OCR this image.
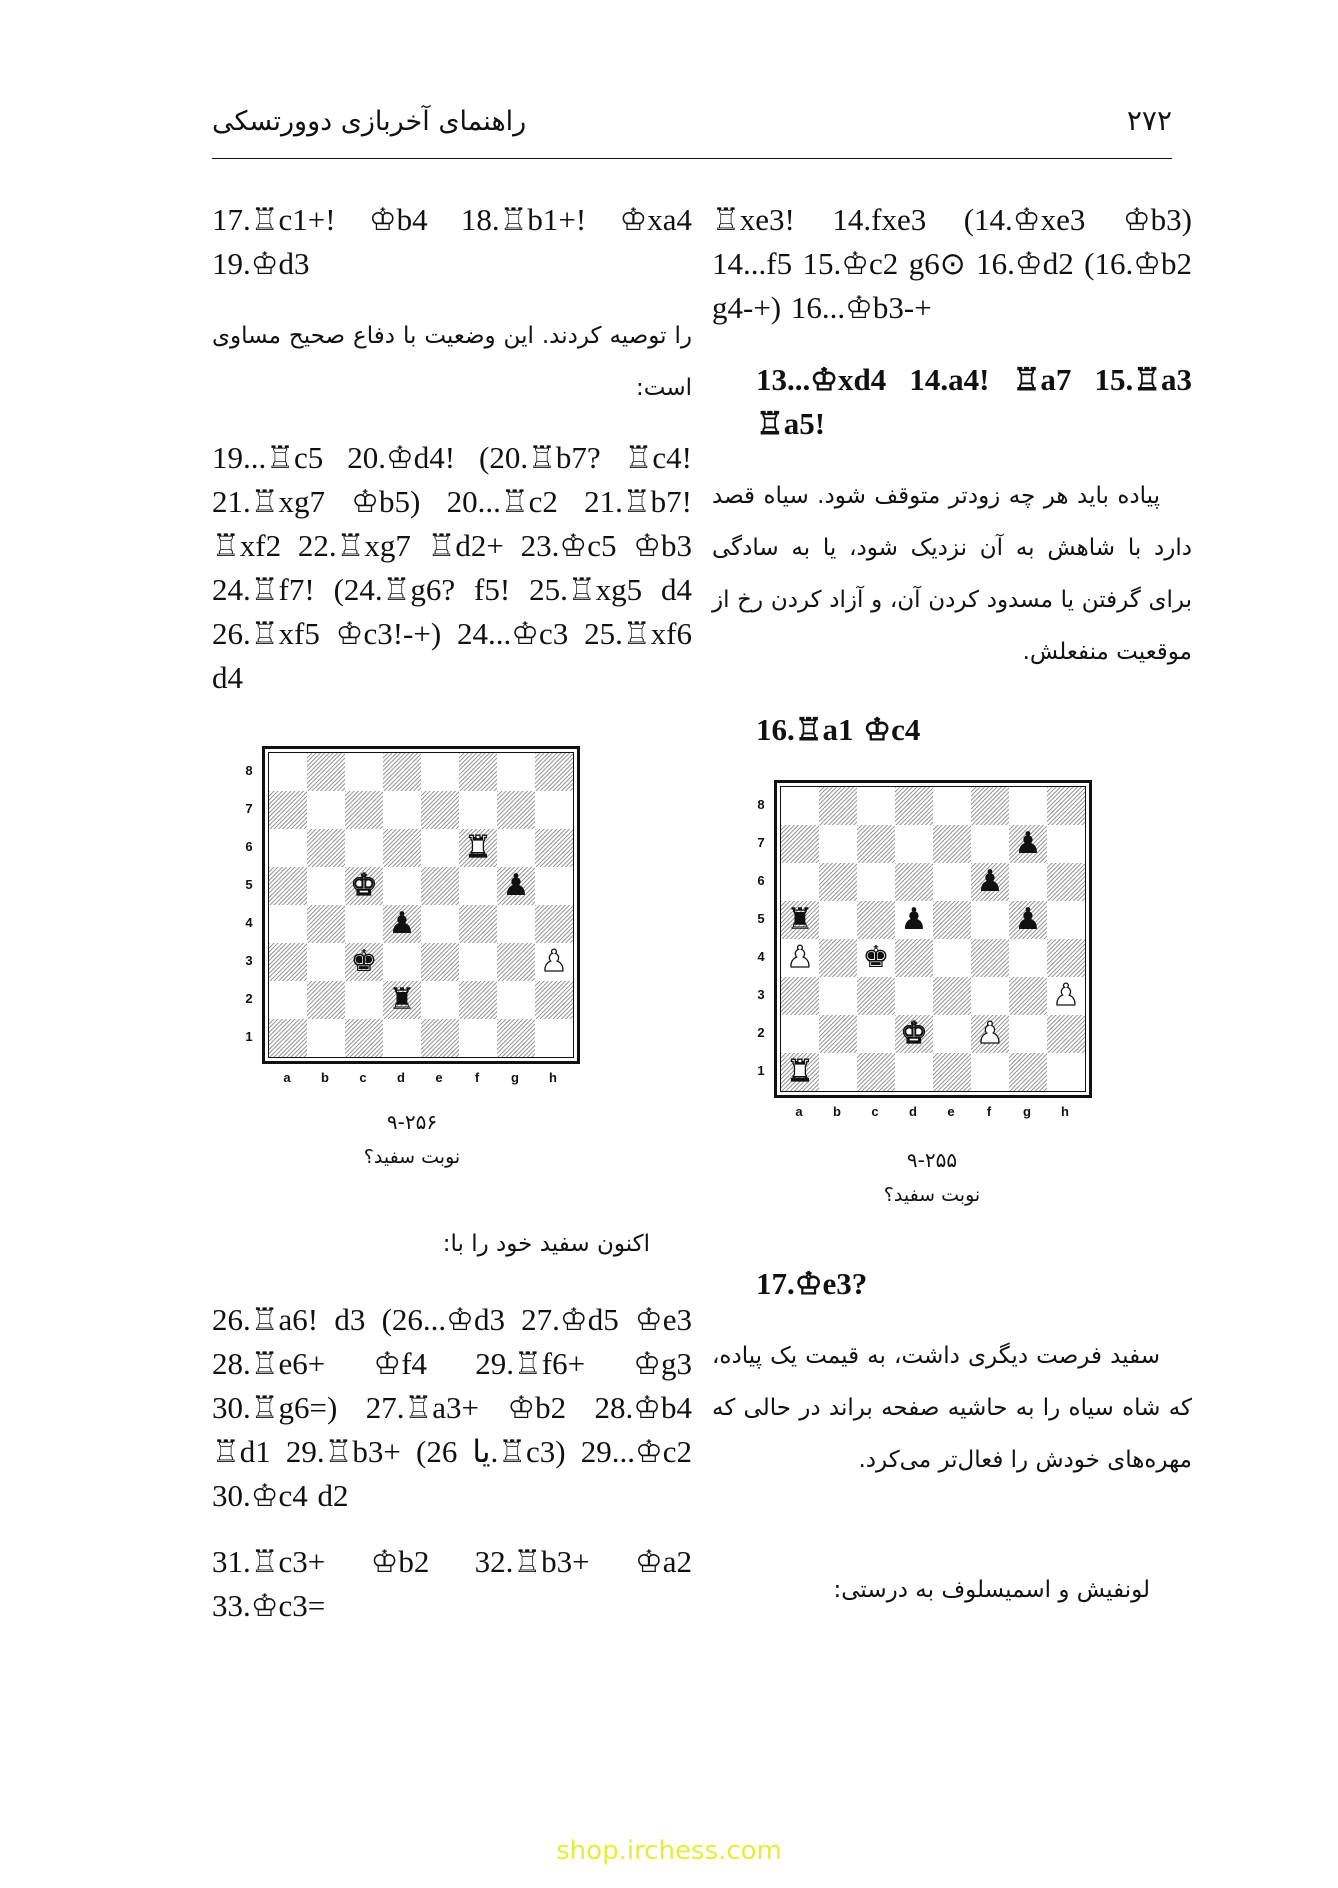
راهنمای آخربازی دوورتسکی	۲۷۲
♖xe3! 14.fxe3 (14.♔xe3 ♔b3) 14...f5 15.♔c2 g6⊙ 16.♔d2 (16.♔b2 g4-+) 16...♔b3-+
13...♔xd4 14.a4! ♖a7 15.♖a3 ♖a5!
پیاده باید هر چه زودتر متوقف شود. سیاه قصد دارد با شاهش به آن نزدیک شود، یا به سادگی برای گرفتن یا مسدود کردن آن، و آزاد کردن رخ از موقعیت منفعلش.
16.♖a1 ♔c4
♟
♟
♜	♟	♟
♟ ♚
♟
♚ ♟
♜
8
7
6
5
4
3
2
1
a	b	c	d	e	f	g	h
۹-۲۵۵
نوبت سفید؟
17.♔e3?
سفید فرصت دیگری داشت، به قیمت یک پیاده، که شاه سیاه را به حاشیه صفحه براند در حالی که مهره‌های خودش را فعال‌تر می‌کرد.
لونفیش و اسمیسلوف به درستی:
17.♖c1+! ♔b4 18.♖b1+! ♔xa4 19.♔d3
را توصیه کردند. این وضعیت با دفاع صحیح مساوی است:
19...♖c5 20.♔d4! (20.♖b7? ♖c4! 21.♖xg7 ♔b5) 20...♖c2 21.♖b7! ♖xf2 22.♖xg7 ♖d2+ 23.♔c5 ♔b3 24.♖f7! (24.♖g6? f5! 25.♖xg5 d4 26.♖xf5 ♔c3!-+) 24...♔c3 25.♖xf6 d4
♜
♚	♟
♟
♚	♟
♜
8
7
6
5
4
3
2
1
a	b	c	d	e	f	g	h
۹-۲۵۶
نوبت سفید؟
اکنون سفید خود را با:
26.♖a6! d3 (26...♔d3 27.♔d5 ♔e3 28.♖e6+ ♔f4 29.♖f6+ ♔g3 30.♖g6=) 27.♖a3+ ♔b2 28.♔b4 ♖d1 29.♖b3+ (یا 26.♖c3) 29...♔c2 30.♔c4 d2
31.♖c3+ ♔b2 32.♖b3+ ♔a2 33.♔c3=
shop.irchess.com
